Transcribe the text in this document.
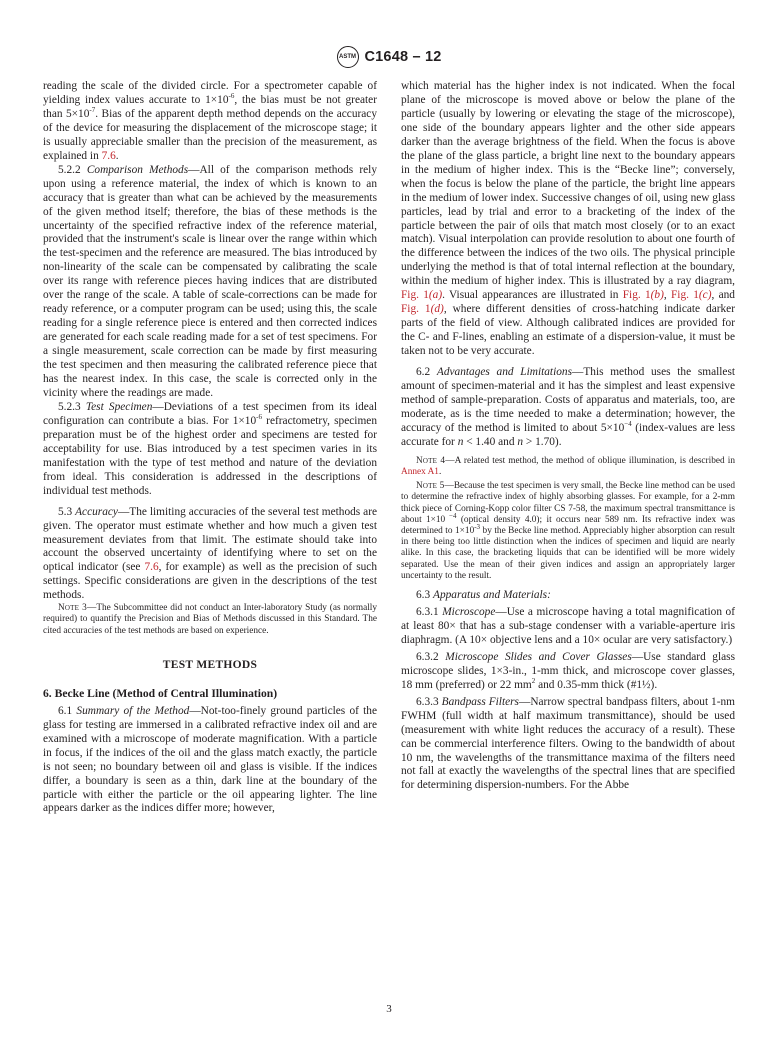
ASTM C1648 – 12

reading the scale of the divided circle. For a spectrometer capable of yielding index values accurate to $1\times 10^{-6}$, the bias must be not greater than $5\times 10^{-7}$. Bias of the apparent depth method depends on the accuracy of the device for measuring the displacement of the microscope stage; it is usually appreciable smaller than the precision of the measurement, as explained in 7.6.

5.2.2 Comparison Methods—All of the comparison methods rely upon using a reference material, the index of which is known to an accuracy that is greater than what can be achieved by the measurements of the given method itself; therefore, the bias of these methods is the uncertainty of the specified refractive index of the reference material, provided that the instrument's scale is linear over the range within which the test-specimen and the reference are measured. The bias introduced by non-linearity of the scale can be compensated by calibrating the scale over its range with reference pieces having indices that are distributed over the range of the scale. A table of scale-corrections can be made for ready reference, or a computer program can be used; using this, the scale reading for a single reference piece is entered and then corrected indices are generated for each scale reading made for a set of test specimens. For a single measurement, scale correction can be made by first measuring the test specimen and then measuring the calibrated reference piece that has the nearest index. In this case, the scale is corrected only in the vicinity where the readings are made.

5.2.3 Test Specimen—Deviations of a test specimen from its ideal configuration can contribute a bias. For $1\times 10^{-6}$ refractometry, specimen preparation must be of the highest order and specimens are tested for acceptability for use. Bias introduced by a test specimen varies in its manifestation with the type of test method and nature of the deviation from ideal. This consideration is addressed in the descriptions of individual test methods.

5.3 Accuracy—The limiting accuracies of the several test methods are given. The operator must estimate whether and how much a given test measurement deviates from that limit. The estimate should take into account the observed uncertainty of identifying where to set on the optical indicator (see 7.6, for example) as well as the precision of such settings. Specific considerations are given in the descriptions of the test methods.

Note 3—The Subcommittee did not conduct an Inter-laboratory Study (as normally required) to quantify the Precision and Bias of Methods discussed in this Standard. The cited accuracies of the test methods are based on experience.

TEST METHODS

6. Becke Line (Method of Central Illumination)

6.1 Summary of the Method—Not-too-finely ground particles of the glass for testing are immersed in a calibrated refractive index oil and are examined with a microscope of moderate magnification. With a particle in focus, if the indices of the oil and the glass match exactly, the particle is not seen; no boundary between oil and glass is visible. If the indices differ, a boundary is seen as a thin, dark line at the boundary of the particle with either the particle or the oil appearing lighter. The line appears darker as the indices differ more; however,

which material has the higher index is not indicated. When the focal plane of the microscope is moved above or below the plane of the particle (usually by lowering or elevating the stage of the microscope), one side of the boundary appears lighter and the other side appears darker than the average brightness of the field. When the focus is above the plane of the glass particle, a bright line next to the boundary appears in the medium of higher index. This is the “Becke line”; conversely, when the focus is below the plane of the particle, the bright line appears in the medium of lower index. Successive changes of oil, using new glass particles, lead by trial and error to a bracketing of the index of the particle between the pair of oils that match most closely (or to an exact match). Visual interpolation can provide resolution to about one fourth of the difference between the indices of the two oils. The physical principle underlying the method is that of total internal reflection at the boundary, within the medium of higher index. This is illustrated by a ray diagram, Fig. 1(a). Visual appearances are illustrated in Fig. 1(b), Fig. 1(c), and Fig. 1(d), where different densities of cross-hatching indicate darker parts of the field of view. Although calibrated indices are provided for the C- and F-lines, enabling an estimate of a dispersion-value, it must be taken not to be very accurate.

6.2 Advantages and Limitations—This method uses the smallest amount of specimen-material and it has the simplest and least expensive method of sample-preparation. Costs of apparatus and materials, too, are moderate, as is the time needed to make a determination; however, the accuracy of the method is limited to about $5\times 10^{-4}$ (index-values are less accurate for n < 1.40 and n > 1.70).

Note 4—A related test method, the method of oblique illumination, is described in Annex A1.

Note 5—Because the test specimen is very small, the Becke line method can be used to determine the refractive index of highly absorbing glasses. For example, for a 2-mm thick piece of Corning-Kopp color filter CS 7-58, the maximum spectral transmittance is about 1×10 $^{-4}$ (optical density 4.0); it occurs near 589 nm. Its refractive index was determined to $1\times 10^{-3}$ by the Becke line method. Appreciably higher absorption can result in there being too little distinction when the indices of specimen and liquid are nearly alike. In this case, the bracketing liquids that can be identified will be more widely separated. Use the mean of their given indices and assign an appropriately larger uncertainty to the result.

6.3 Apparatus and Materials:

6.3.1 Microscope—Use a microscope having a total magnification of at least 80× that has a sub-stage condenser with a variable-aperture iris diaphragm. (A 10× objective lens and a 10× ocular are very satisfactory.)

6.3.2 Microscope Slides and Cover Glasses—Use standard glass microscope slides, 1×3-in., 1-mm thick, and microscope cover glasses, 18 mm (preferred) or 22 $mm^2$ and 0.35-mm thick (#1½).

6.3.3 Bandpass Filters—Narrow spectral bandpass filters, about 1-nm FWHM (full width at half maximum transmittance), should be used (measurement with white light reduces the accuracy of a result). These can be commercial interference filters. Owing to the bandwidth of about 10 nm, the wavelengths of the transmittance maxima of the filters need not fall at exactly the wavelengths of the spectral lines that are specified for determining dispersion-numbers. For the Abbe

3
